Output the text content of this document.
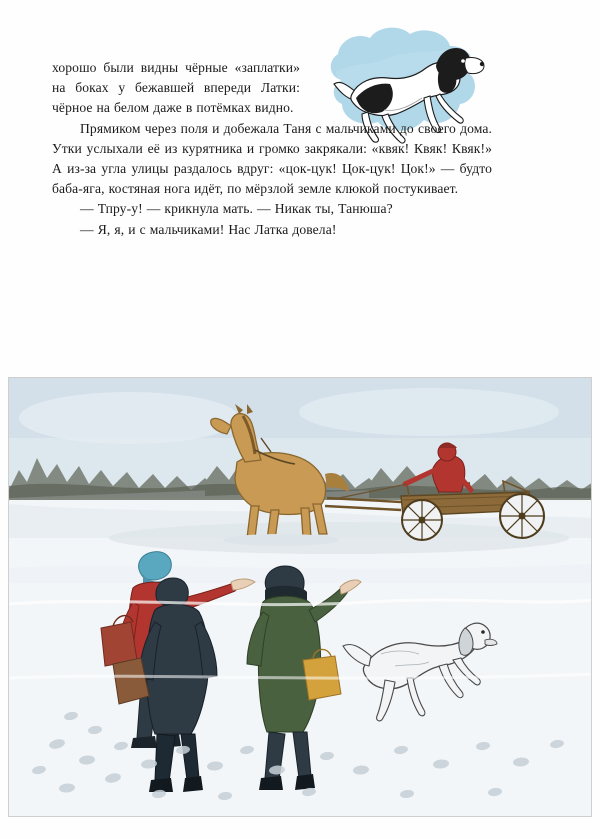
хорошо были видны чёрные «заплатки» на боках у бежавшей впереди Латки: чёрное на белом даже в потёмках видно.

Прямиком через поля и добежала Таня с мальчиками до своего дома. Утки услыхали её из курятника и громко закрякали: «квяк! Квяк! Квяк!» А из-за угла улицы раздалось вдруг: «цок-цук! Цок-цук! Цок!» — будто баба-яга, костяная нога идёт, по мёрзлой земле клюкой постукивает.

— Тпру-у! — крикнула мать. — Никак ты, Танюша?

— Я, я, и с мальчиками! Нас Латка довела!
